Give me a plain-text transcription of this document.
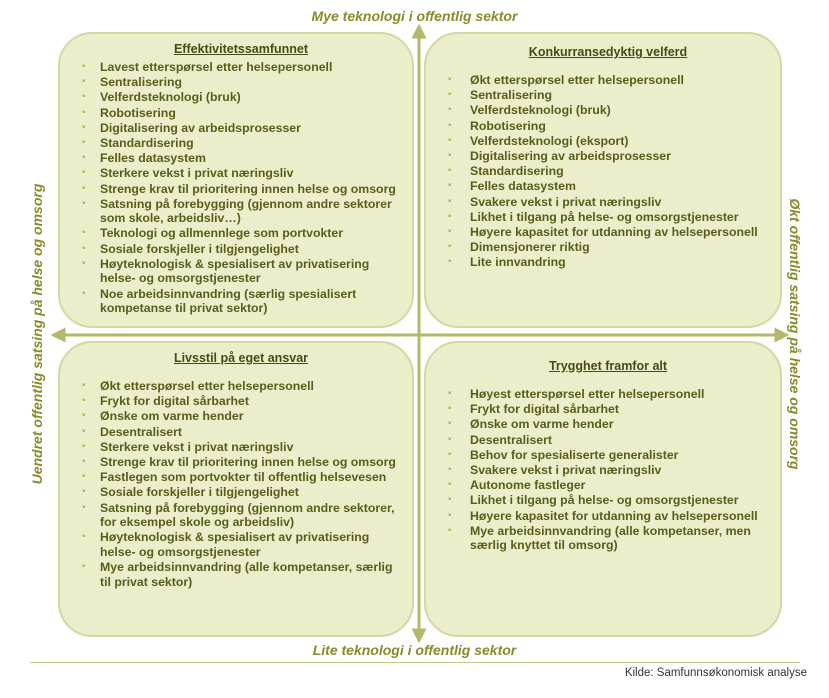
Mye teknologi i offentlig sektor
Lite teknologi i offentlig sektor
Uendret offentlig satsing på helse og omsorg	Økt offentlig satsing på helse og omsorg
Effektivitetssamfunnet
▪ Lavest etterspørsel etter helsepersonell
▪ Sentralisering
▪ Velferdsteknologi (bruk)
▪ Robotisering
▪ Digitalisering av arbeidsprosesser
▪ Standardisering
▪ Felles datasystem
▪ Sterkere vekst i privat næringsliv
▪ Strenge krav til prioritering innen helse og omsorg
▪ Satsning på forebygging (gjennom andre sektorer som skole, arbeidsliv…)
▪ Teknologi og allmennlege som portvokter
▪ Sosiale forskjeller i tilgjengelighet
▪ Høyteknologisk & spesialisert av privatisering helse- og omsorgstjenester
▪ Noe arbeidsinnvandring (særlig spesialisert kompetanse til privat sektor)
Konkurransedyktig velferd
▪ Økt etterspørsel etter helsepersonell
▪ Sentralisering
▪ Velferdsteknologi (bruk)
▪ Robotisering
▪ Velferdsteknologi (eksport)
▪ Digitalisering av arbeidsprosesser
▪ Standardisering
▪ Felles datasystem
▪ Svakere vekst i privat næringsliv
▪ Likhet i tilgang på helse- og omsorgstjenester
▪ Høyere kapasitet for utdanning av helsepersonell
▪ Dimensjonerer riktig
▪ Lite innvandring
Livsstil på eget ansvar
▪ Økt etterspørsel etter helsepersonell
▪ Frykt for digital sårbarhet
▪ Ønske om varme hender
▪ Desentralisert
▪ Sterkere vekst i privat næringsliv
▪ Strenge krav til prioritering innen helse og omsorg
▪ Fastlegen som portvokter til offentlig helsevesen
▪ Sosiale forskjeller i tilgjengelighet
▪ Satsning på forebygging (gjennom andre sektorer, for eksempel skole og arbeidsliv)
▪ Høyteknologisk & spesialisert av privatisering helse- og omsorgstjenester
▪ Mye arbeidsinnvandring (alle kompetanser, særlig til privat sektor)
Trygghet framfor alt
▪ Høyest etterspørsel etter helsepersonell
▪ Frykt for digital sårbarhet
▪ Ønske om varme hender
▪ Desentralisert
▪ Behov for spesialiserte generalister
▪ Svakere vekst i privat næringsliv
▪ Autonome fastleger
▪ Likhet i tilgang på helse- og omsorgstjenester
▪ Høyere kapasitet for utdanning av helsepersonell
▪ Mye arbeidsinnvandring (alle kompetanser, men særlig knyttet til omsorg)
Kilde: Samfunnsøkonomisk analyse
